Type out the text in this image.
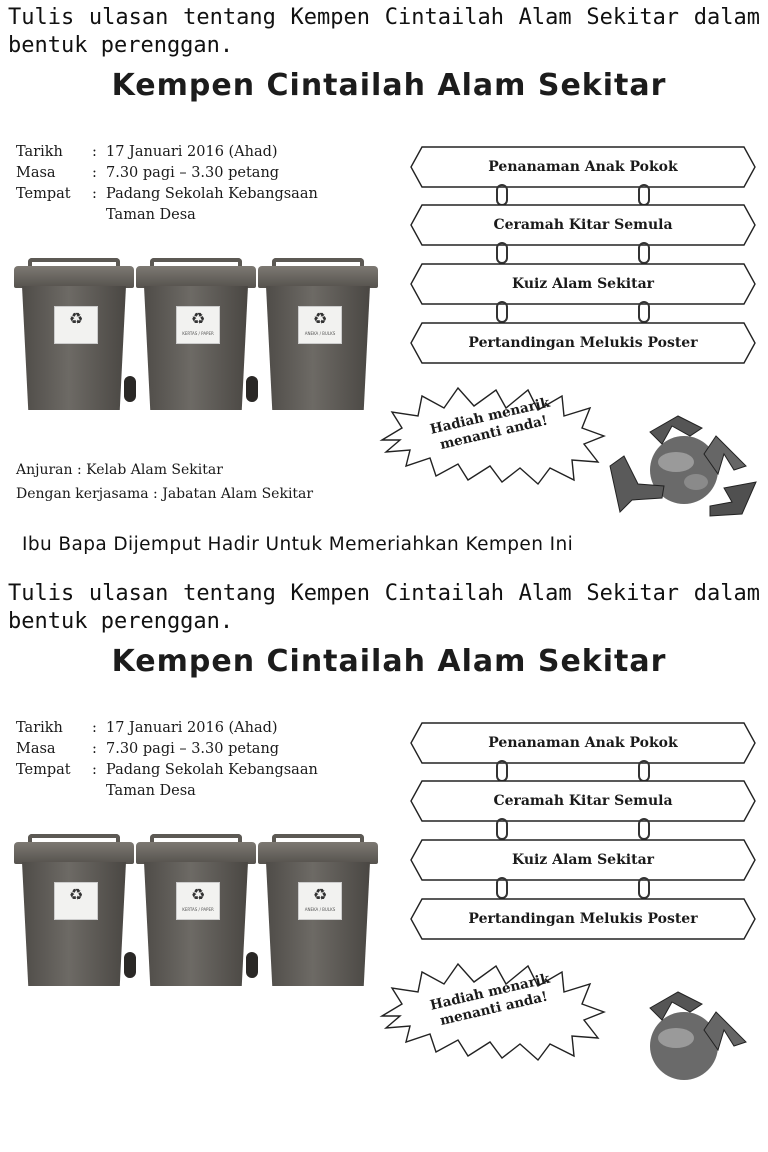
Tulis ulasan tentang Kempen Cintailah Alam Sekitar dalam bentuk perenggan.
Kempen Cintailah Alam Sekitar
Tarikh	: 17 Januari 2016 (Ahad)
Masa	: 7.30 pagi – 3.30 petang
Tempat	: Padang Sekolah Kebangsaan Taman Desa
♻	♻
KERTAS / PAPER
♻
ANEKA / BULKS
Penanaman Anak Pokok
Ceramah Kitar Semula
Kuiz Alam Sekitar
Pertandingan Melukis Poster
Hadiah menarik menanti anda!
Anjuran : Kelab Alam Sekitar
Dengan kerjasama : Jabatan Alam Sekitar
Ibu Bapa Dijemput Hadir Untuk Memeriahkan Kempen Ini
Tulis ulasan tentang Kempen Cintailah Alam Sekitar dalam bentuk perenggan.
Kempen Cintailah Alam Sekitar
Tarikh	: 17 Januari 2016 (Ahad)
Masa	: 7.30 pagi – 3.30 petang
Tempat	: Padang Sekolah Kebangsaan Taman Desa
♻	♻
KERTAS / PAPER
♻
ANEKA / BULKS
Penanaman Anak Pokok
Ceramah Kitar Semula
Kuiz Alam Sekitar
Pertandingan Melukis Poster
Hadiah menarik menanti anda!
